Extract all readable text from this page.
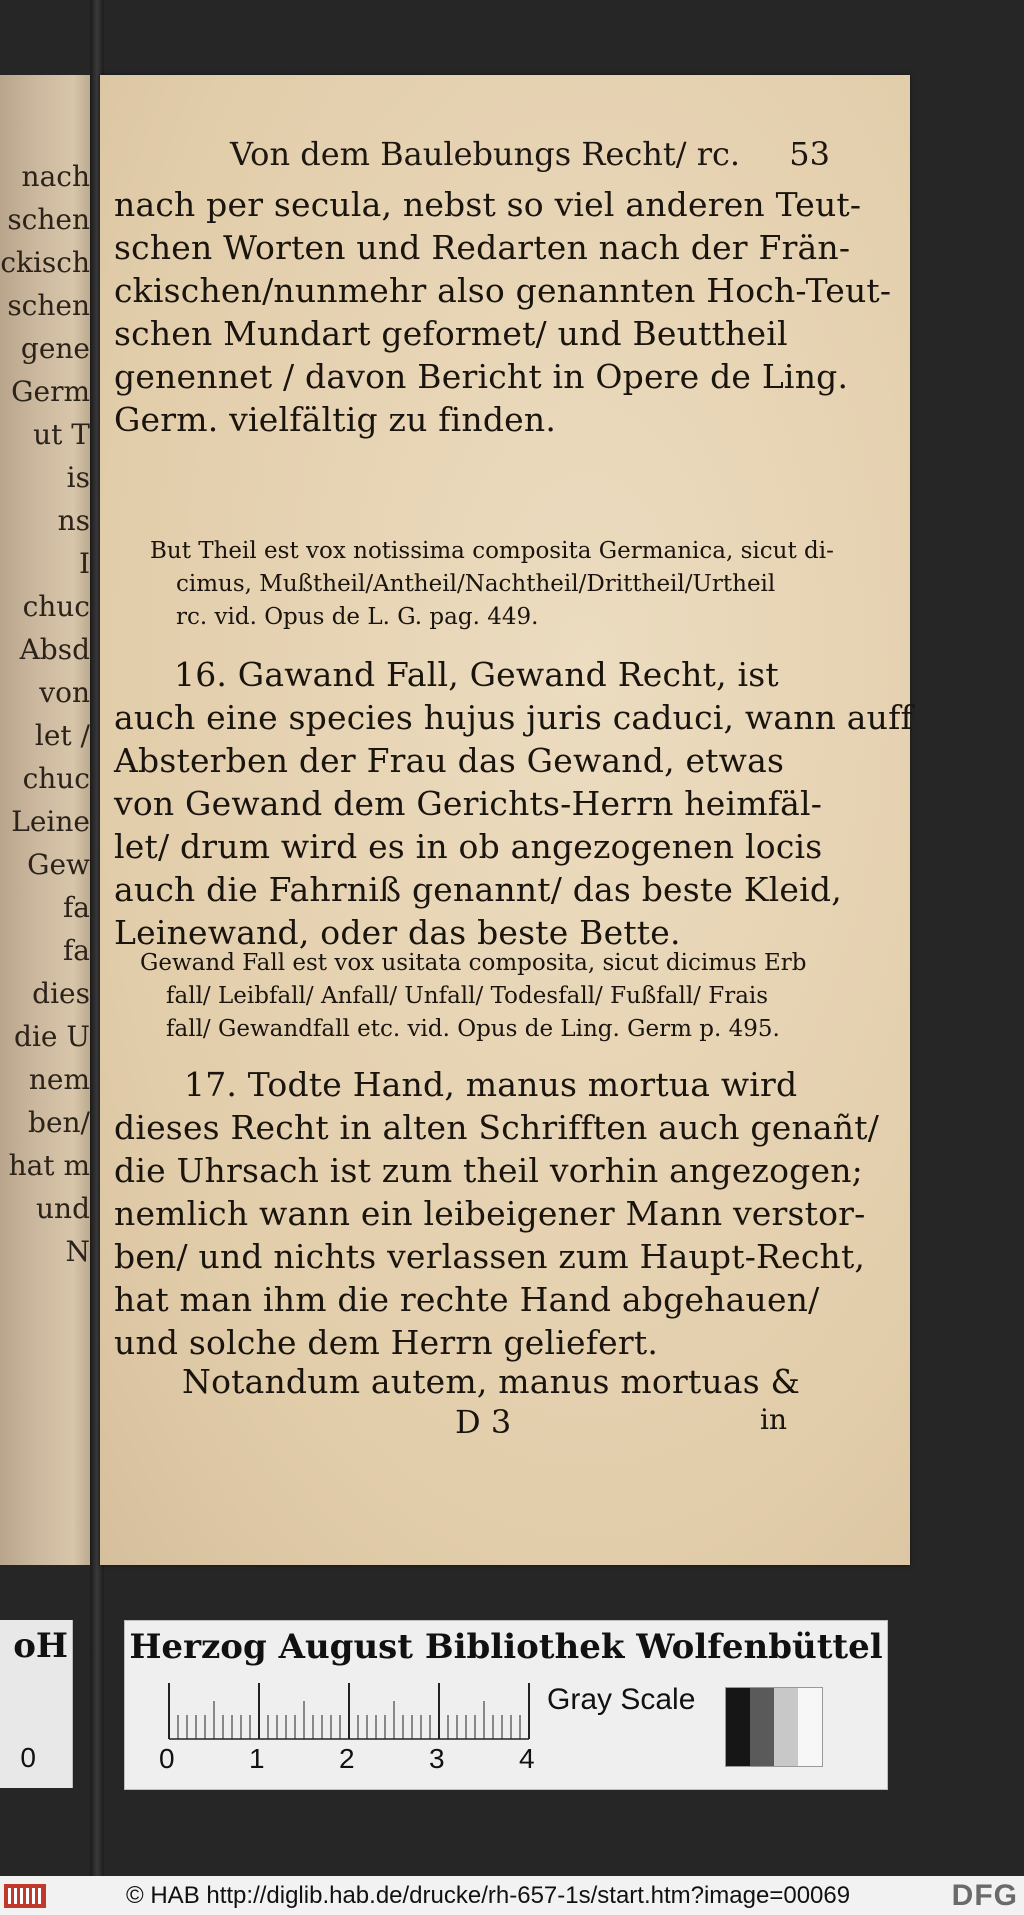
nach
schen
ckisch
schen
gene
Germ
ut T
is
ns
I
chuc
Absd
von
let /
chuc
Leine
Gew
fa
fa
dies
die U
nem
ben/
hat m
und
N
Von dem Baulebungs Recht/ rc. 53
nach per secula, nebst so viel anderen Teut-
schen Worten und Redarten nach der Frän-
ckischen/nunmehr also genannten Hoch-Teut-
schen Mundart geformet/ und Beuttheil
genennet / davon Bericht in Opere de Ling.
Germ. vielfältig zu finden.
But Theil est vox notissima composita Germanica, sicut di-
cimus, Mußtheil/Antheil/Nachtheil/Drittheil/Urtheil
rc. vid. Opus de L. G. pag. 449.
16. Gawand Fall, Gewand Recht, ist
auch eine species hujus juris caduci, wann auff
Absterben der Frau das Gewand, etwas
von Gewand dem Gerichts-Herrn heimfäl-
let/ drum wird es in ob angezogenen locis
auch die Fahrniß genannt/ das beste Kleid,
Leinewand, oder das beste Bette.
Gewand Fall est vox usitata composita, sicut dicimus Erb
fall/ Leibfall/ Anfall/ Unfall/ Todesfall/ Fußfall/ Frais
fall/ Gewandfall etc. vid. Opus de Ling. Germ p. 495.
17. Todte Hand, manus mortua wird
dieses Recht in alten Schrifften auch genañt/
die Uhrsach ist zum theil vorhin angezogen;
nemlich wann ein leibeigener Mann verstor-
ben/ und nichts verlassen zum Haupt-Recht,
hat man ihm die rechte Hand abgehauen/
und solche dem Herrn geliefert.
Notandum autem, manus mortuas &
D 3	in
oH
0
Herzog August Bibliothek Wolfenbüttel
0	1	2	3	4
Gray Scale
© HAB http://diglib.hab.de/drucke/rh-657-1s/start.htm?image=00069	DFG
